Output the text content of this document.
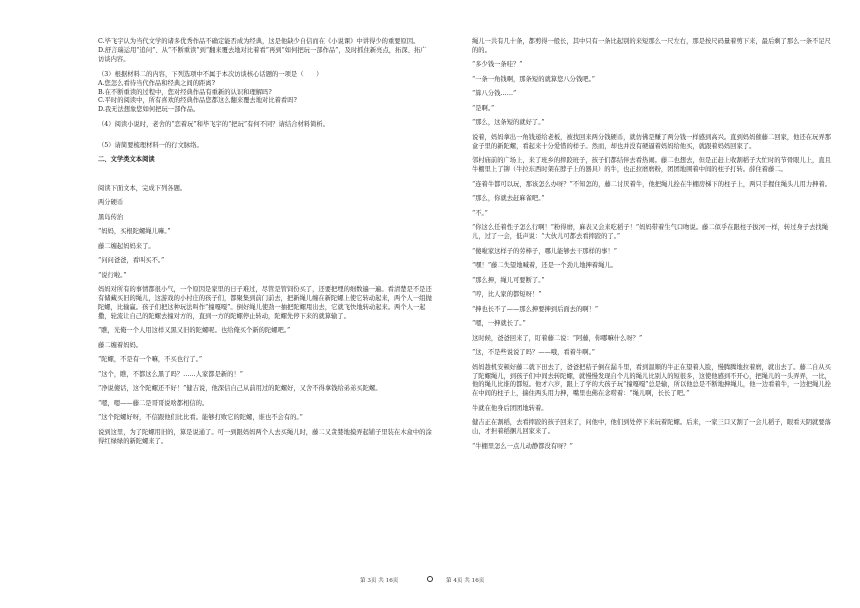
C.毕飞宇认为当代文学的诸多优秀作品不确定能否成为经典，这是他缺少自信而在《小说课》中讲得少的重要原因。

D.舒言瑞运用“追问”、从“不断重读”到“翻来覆去地对比着看”再到“如何把玩一部作品”，及时抓住新亮点，拓深、拓广访谈内容。

（3）根据材料二的内容，下列选项中不属于本次访谈核心话题的一项是（　　）

A.您怎么看待当代作品和经典之间的距离?

B.在不断重读的过程中，您对经典作品有重新的认识和理解吗?

C.平时的阅读中，所有喜欢的经典作品您都这么翻来覆去地对比着看吗?

D.我无法想象您如何把玩一部作品。

（4）阅读小说时，老舍的“恋着玩”和毕飞宇的“把玩”有何不同？请结合材料简析。

（5）请简要梳理材料一的行文脉络。

二、文学类文本阅读

阅读下面文本，完成下列各题。

两分硬币

黑岛传治

“妈妈，买根陀螺绳儿嘛。”

藤二缠起妈妈来了。

“问问爸爸，看叫买不。”

“说行啦。”

妈妈对所有的事情都很小气，一个原因是家里的日子难过，尽管是管饲份买了，还要把埋的细数遍一遍。看清楚是不是还有储藏买旧的绳儿，这游戏的小村庄的孩子们，都聚集到前门前去，把新绳儿缠在新陀螺上使它转动起来，两个人一组抛陀螺，比输赢。孩子们把这种玩法叫作“撞嘎嘎”。倒好绳儿使劲一抽把陀螺甩出去，它就飞快地转动起来。两个人一起撒，轮流让自己的陀螺去撞对方的，直到一方的陀螺停止转动，陀螺先停下来的就算输了。

“瞧，光俺一个人用这样又黑又旧的陀螺呢。也给俺买个新的陀螺吧。”

藤二缠着妈妈。

“陀螺，不是有一个嘛，不买也行了。”

“这个，瞧，不都这么黑了吗？……人家都是新的！”

“净说傻话，这个陀螺还不好！”健吉说，他深信自己从前用过的陀螺好，又舍不得拿钱给弟弟买陀螺。

“嗯，嗯——藤二是哥哥说啥都相信的。

“这个陀螺好呀，不信跟他们比比看。能够打败它的陀螺，谁也不会有的。”

说到这里，为了陀螺用旧的，算是说通了。可一到跟妈妈两个人去买绳儿时，藤二又贪婪地摸弄起铺子里装在木盒中的涂得红绿绿的新陀螺来了。

绳儿一共有几十条，都剪得一般长，其中只有一条比起别的来短那么一尺左右，那是按尺码量着剪下来，最后剩了那么一条不足尺的的。

“多少钱一条哇？”

“一条一角钱啊，那条短的就算您八分钱吧。”

“算八分钱……”

“是啊。”

“那么，这条短的就好了。”

说着，妈妈拿出一角钱递给老板，被找回来两分钱硬币，就仿佛是赚了两分钱一样感到高兴。直到妈妈催藤二回家，他还在玩弄那盒子里的新陀螺，看起来十分爱惜的样子。然而，却也并没有硬逼着妈妈给他买，就跟着妈妈回家了。

邻村庙前的广场上，来了班乡的摔跤班子，孩子们都结伴去看热闹。藤二也想去，但是正赶上收割稻子大忙时的节骨眼儿上，直且牛棚里上了铆（牛拉东西时架在脖子上的器具）的牛，也正拉磨磨粉，团团地围着中间的柱子打转。薛住着藤二。

“连着牛都可以玩，那该怎么办呀？”不知怎的，藤二讨厌着牛，他把绳儿拴在牛棚房梯下的柱子上，两只手握住绳头儿用力抻着。

“那么，你就去赶麻雀吧。”

“不。”

“你这么任着性子怎么行啊！”粉得磨，麻表又会来吃稻子！”妈妈带着生气口吻说。藤二似乎在跟柱子拔河一样，转过身子去找绳儿，过了一会，低声说：“大伙儿可都去看摔跤的了。”

“傻啦家这样子的劳棒子，哪儿能够去干那样的事！”

“嘿！”藤二失望地喊着，还是一个劲儿地抻着绳儿。

“那么抻，绳儿可要断了。”

“哼，比人家的都短呀！”

“抻也长不了——那么抻要抻到后面去的啊！”

“嗯，一抻就长了。”

这时候，爸爸回来了，盯着藤二说：“阿藤，你哪嘛什么呀？”

“这，不是些说说了吗？——哦，看着牛啊。”

妈妈趁机安顿好藤二就下田去了，爸爸把秸子倒在漏斗里，看到温顺的牛正在望着人脸，慢腾腾地拉着磨，就出去了。藤二自从买了陀螺绳儿，到孩子们中间去转陀螺，就慢慢发现自个儿的绳儿比别人的短很多，这使他感到不开心，把绳儿的一头弄弄，一比，他的绳儿比谁的都短。他才六岁，跟上了学的大孩子玩“撞嘎嘎”总是输，所以他总是不断地抻绳儿，他一边看着牛，一边把绳儿拴在中间的柱子上，揣住两头用力抻，嘴里也佛在念唠着：“绳儿啊，长长了吧。”

牛就在他身后团团地转着。

健吉正在割稻，去看摔跤的孩子回来了，问他中，他们到处停下来玩着陀螺。后来，一家三口又割了一会儿稻子，眼看天阴就要落山，才担着稻捆儿回家来了。

“牛棚里怎么一点儿动静都没有呀？”

第 3页 共 16页	第 4页 共 16页
